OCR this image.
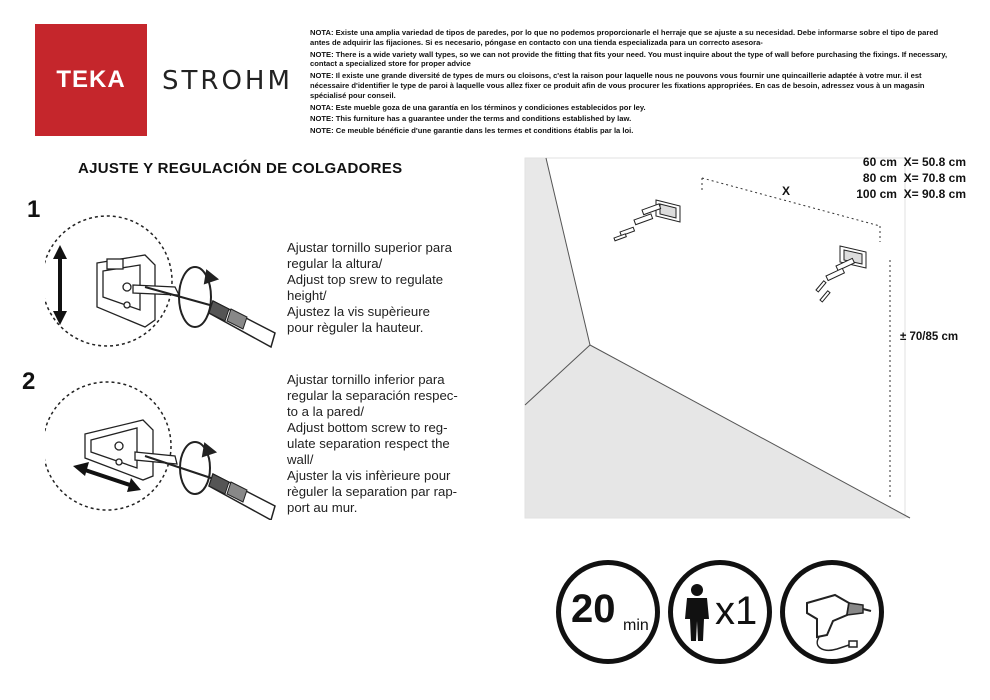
TEKA STROHM

NOTA: Existe una amplia variedad de tipos de paredes, por lo que no podemos proporcionarle el herraje que se ajuste a su necesidad. Debe informarse sobre el tipo de pared antes de adquirir las fijaciones. Si es necesario, póngase en contacto con una tienda especializada para un correcto asesora-

NOTE: There is a wide variety wall types, so we can not provide the fitting that fits your need. You must inquire about the type of wall before purchasing the fixings. If necessary, contact a specialized store for proper advice

NOTE: Il existe une grande diversité de types de murs ou cloisons, c'est la raison pour laquelle nous ne pouvons vous fournir une quincaillerie adaptée à votre mur. il est nécessaire d'identifier le type de paroi à laquelle vous allez fixer ce produit afin de vous procurer les fixations appropriées. En cas de besoin, adressez vous à un magasin spécialisé pour conseil.

NOTA: Este mueble goza de una garantía en los términos y condiciones establecidos por ley.

NOTE: This furniture has a guarantee under the terms and conditions established by law.

NOTE: Ce meuble bénéficie d'une garantie dans les termes et conditions établis par la loi.

AJUSTE Y REGULACIÓN DE COLGADORES
1
Ajustar tornillo superior para
regular la altura/
Adjust top srew to regulate
height/
Ajustez la vis supèrieure
pour règuler la hauteur.
2	Ajustar tornillo inferior para
regular la separación respec-
to a la pared/
Adjust bottom screw to reg-
ulate separation respect the
wall/
Ajuster la vis infèrieure pour
règuler la separation par rap-
port au mur.
X
60 cm X= 50.8 cm
80 cm X= 70.8 cm
100 cm X= 90.8 cm
± 70/85 cm
20 min x1
